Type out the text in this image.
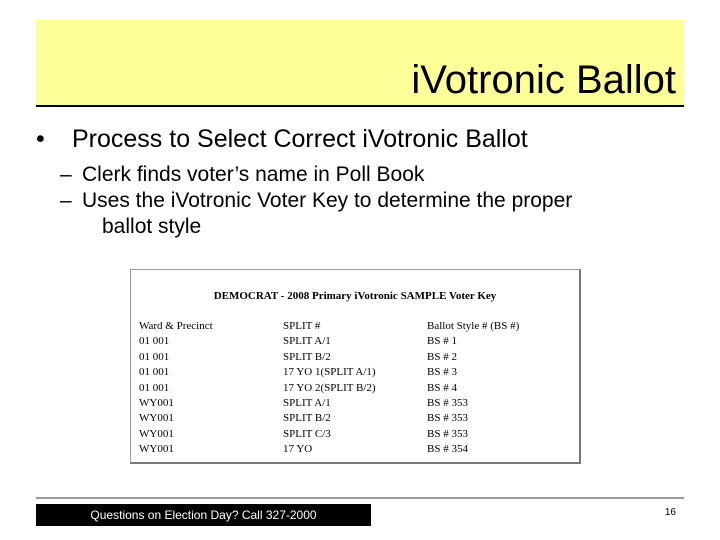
iVotronic Ballot
• Process to Select Correct iVotronic Ballot
– Clerk finds voter’s name in Poll Book
– Uses the iVotronic Voter Key to determine the proper
ballot style
DEMOCRAT - 2008 Primary iVotronic SAMPLE Voter Key
Ward & Precinct
01 001
01 001
01 001
01 001
WY001
WY001
WY001
WY001
SPLIT #
SPLIT A/1
SPLIT B/2
17 YO 1(SPLIT A/1)
17 YO 2(SPLIT B/2)
SPLIT A/1
SPLIT B/2
SPLIT C/3
17 YO
Ballot Style # (BS #)
BS # 1
BS # 2
BS # 3
BS # 4
BS # 353
BS # 353
BS # 353
BS # 354
Questions on Election Day? Call 327-2000	16
